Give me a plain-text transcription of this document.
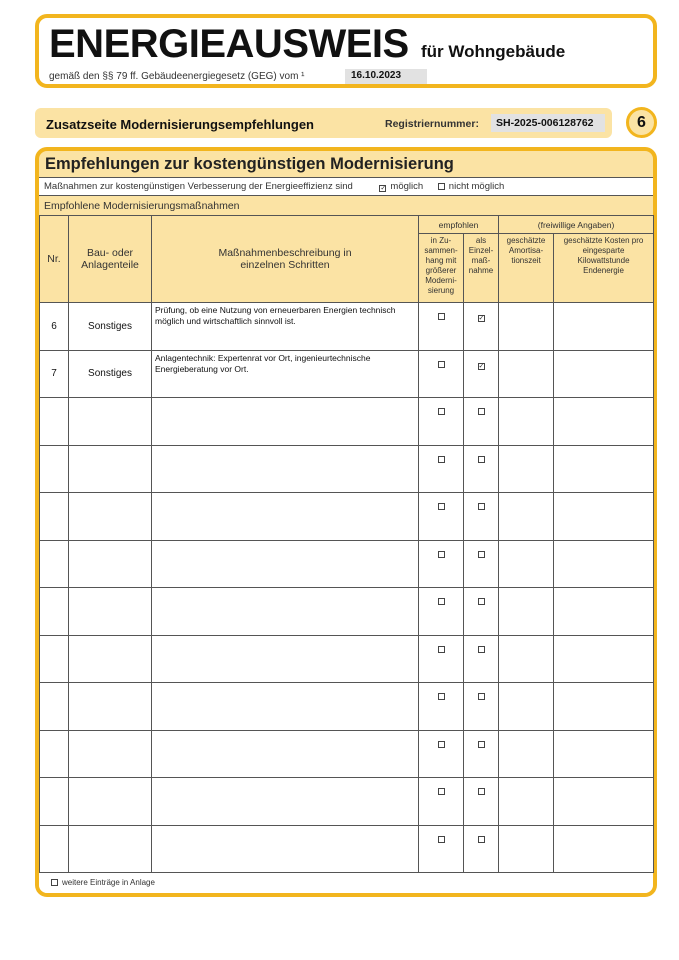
ENERGIEAUSWEIS für Wohngebäude
gemäß den §§ 79 ff. Gebäudeenergiegesetz (GEG) vom ¹	16.10.2023
Zusatzseite Modernisierungsempfehlungen	Registriernummer:	SH-2025-006128762	6
Empfehlungen zur kostengünstigen Modernisierung
Maßnahmen zur kostengünstigen Verbesserung der Energieeffizienz sind	✓ möglich	nicht möglich
Empfohlene Modernisierungsmaßnahmen
Nr.	Bau- oder Anlagenteile	Maßnahmenbeschreibung in einzelnen Schritten	empfohlen		(freiwillige Angaben)	
			in Zu-sammen-hang mit größerer Moderni-sierung	als Einzel-maß-nahme	geschätzte Amortisa-tionszeit	geschätzte Kosten pro eingesparte Kilowattstunde Endenergie
6	Sonstiges	Prüfung, ob eine Nutzung von erneuerbaren Energien technisch möglich und wirtschaftlich sinnvoll ist.		✓		
7	Sonstiges	Anlagentechnik: Expertenrat vor Ort, ingenieurtechnische Energieberatung vor Ort.		✓		

weitere Einträge in Anlage
